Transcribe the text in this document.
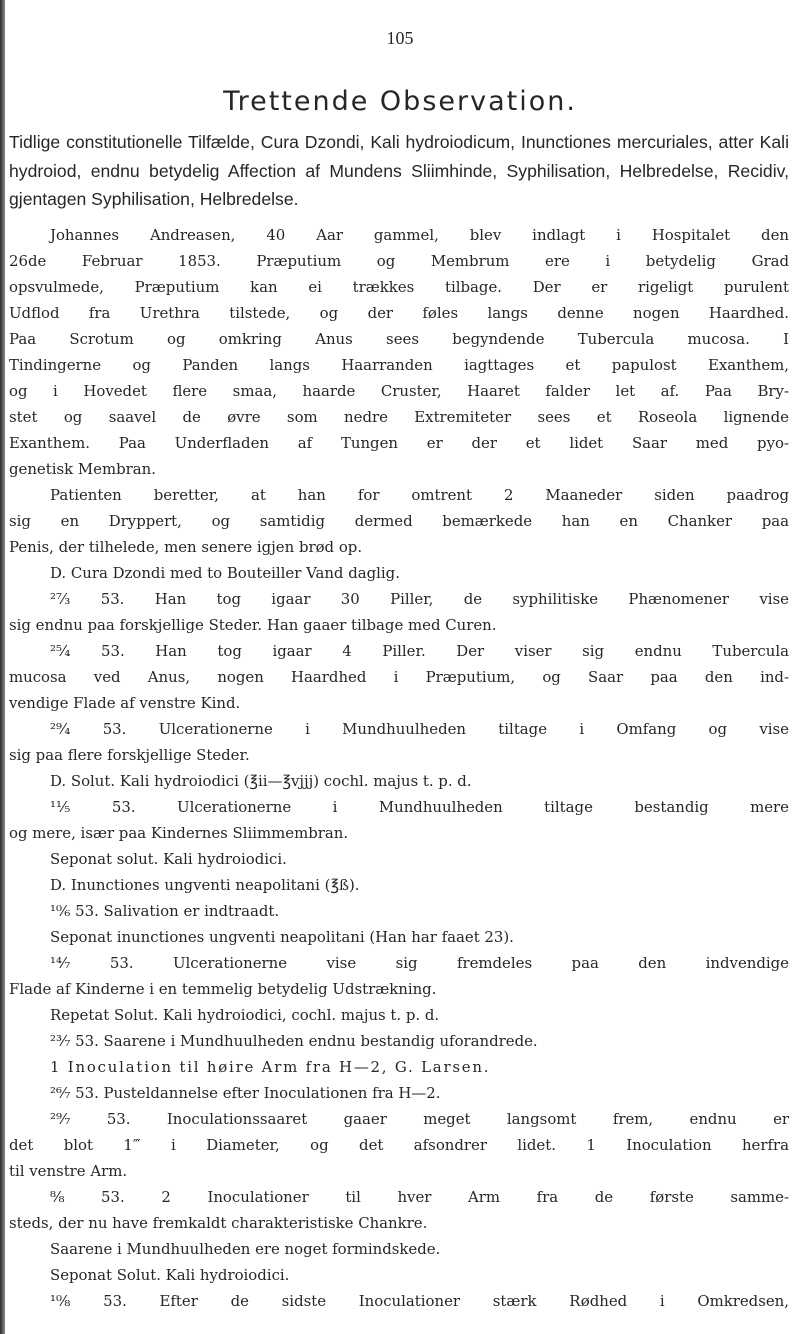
105
Trettende Observation.
Tidlige constitutionelle Tilfælde, Cura Dzondi, Kali hydroiodicum, Inunctiones mercuriales, atter Kali hydroiod, endnu betydelig Affection af Mundens Sliimhinde, Syphilisation, Helbredelse, Recidiv, gjentagen Syphilisation, Helbredelse.
Johannes Andreasen, 40 Aar gammel, blev indlagt i Hospitalet den
26de Februar 1853. Præputium og Membrum ere i betydelig Grad
opsvulmede, Præputium kan ei trækkes tilbage. Der er rigeligt purulent
Udflod fra Urethra tilstede, og der føles langs denne nogen Haardhed.
Paa Scrotum og omkring Anus sees begyndende Tubercula mucosa. I
Tindingerne og Panden langs Haarranden iagttages et papulost Exanthem,
og i Hovedet flere smaa, haarde Cruster, Haaret falder let af. Paa Bry-
stet og saavel de øvre som nedre Extremiteter sees et Roseola lignende
Exanthem. Paa Underfladen af Tungen er der et lidet Saar med pyo-
genetisk Membran.
Patienten beretter, at han for omtrent 2 Maaneder siden paadrog
sig en Dryppert, og samtidig dermed bemærkede han en Chanker paa
Penis, der tilhelede, men senere igjen brød op.
D. Cura Dzondi med to Bouteiller Vand daglig.
²⁷⁄₃ 53. Han tog igaar 30 Piller, de syphilitiske Phænomener vise
sig endnu paa forskjellige Steder. Han gaaer tilbage med Curen.
²⁵⁄₄ 53. Han tog igaar 4 Piller. Der viser sig endnu Tubercula
mucosa ved Anus, nogen Haardhed i Præputium, og Saar paa den ind-
vendige Flade af venstre Kind.
²⁹⁄₄ 53. Ulcerationerne i Mundhuulheden tiltage i Omfang og vise
sig paa flere forskjellige Steder.
D. Solut. Kali hydroiodici (℥ii—℥vjjj) cochl. majus t. p. d.
¹¹⁄₅ 53. Ulcerationerne i Mundhuulheden tiltage bestandig mere
og mere, især paa Kindernes Sliimmembran.
Seponat solut. Kali hydroiodici.
D. Inunctiones ungventi neapolitani (℥ß).
¹⁰⁄₆ 53. Salivation er indtraadt.
Seponat inunctiones ungventi neapolitani (Han har faaet 23).
¹⁴⁄₇ 53. Ulcerationerne vise sig fremdeles paa den indvendige
Flade af Kinderne i en temmelig betydelig Udstrækning.
Repetat Solut. Kali hydroiodici, cochl. majus t. p. d.
²³⁄₇ 53. Saarene i Mundhuulheden endnu bestandig uforandrede.
1 Inoculation til høire Arm fra H—2, G. Larsen.
²⁶⁄₇ 53. Pusteldannelse efter Inoculationen fra H—2.
²⁹⁄₇ 53. Inoculationssaaret gaaer meget langsomt frem, endnu er
det blot 1‴ i Diameter, og det afsondrer lidet. 1 Inoculation herfra
til venstre Arm.
⁸⁄₈ 53. 2 Inoculationer til hver Arm fra de første samme-
steds, der nu have fremkaldt charakteristiske Chankre.
Saarene i Mundhuulheden ere noget formindskede.
Seponat Solut. Kali hydroiodici.
¹⁰⁄₈ 53. Efter de sidste Inoculationer stærk Rødhed i Omkredsen,
